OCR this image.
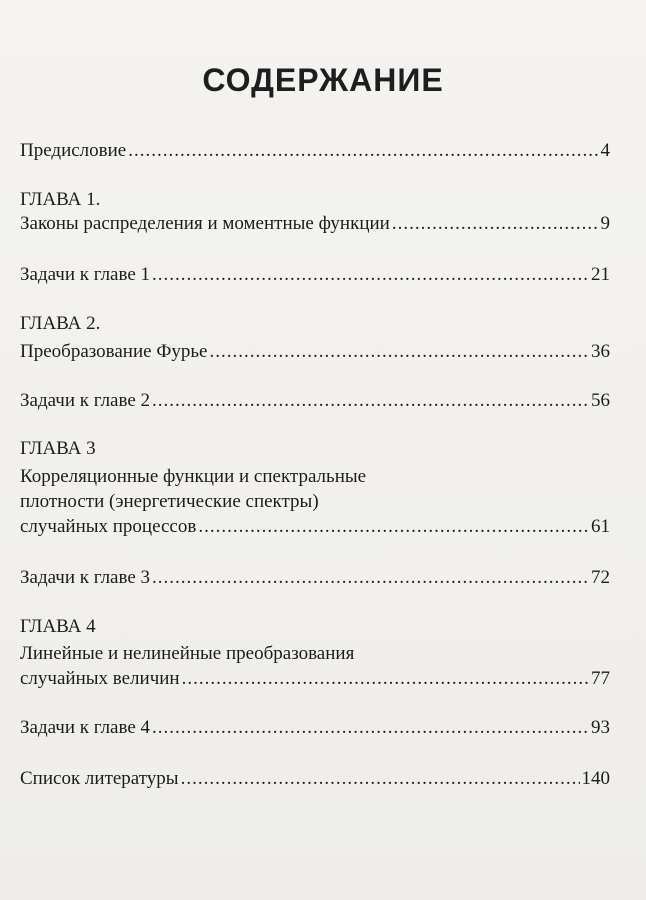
СОДЕРЖАНИЕ
Предисловие .....	4
ГЛАВА 1.
Законы распределения и моментные функции .....	9
Задачи к главе 1 .....	21
ГЛАВА 2.
Преобразование Фурье .....	36
Задачи к главе 2 .....	56
ГЛАВА 3
Корреляционные функции и спектральные
плотности (энергетические спектры)
случайных процессов .....	61
Задачи к главе 3 .....	72
ГЛАВА 4
Линейные и нелинейные преобразования
случайных величин .....	77
Задачи к главе 4 .....	93
Список литературы .....	140
